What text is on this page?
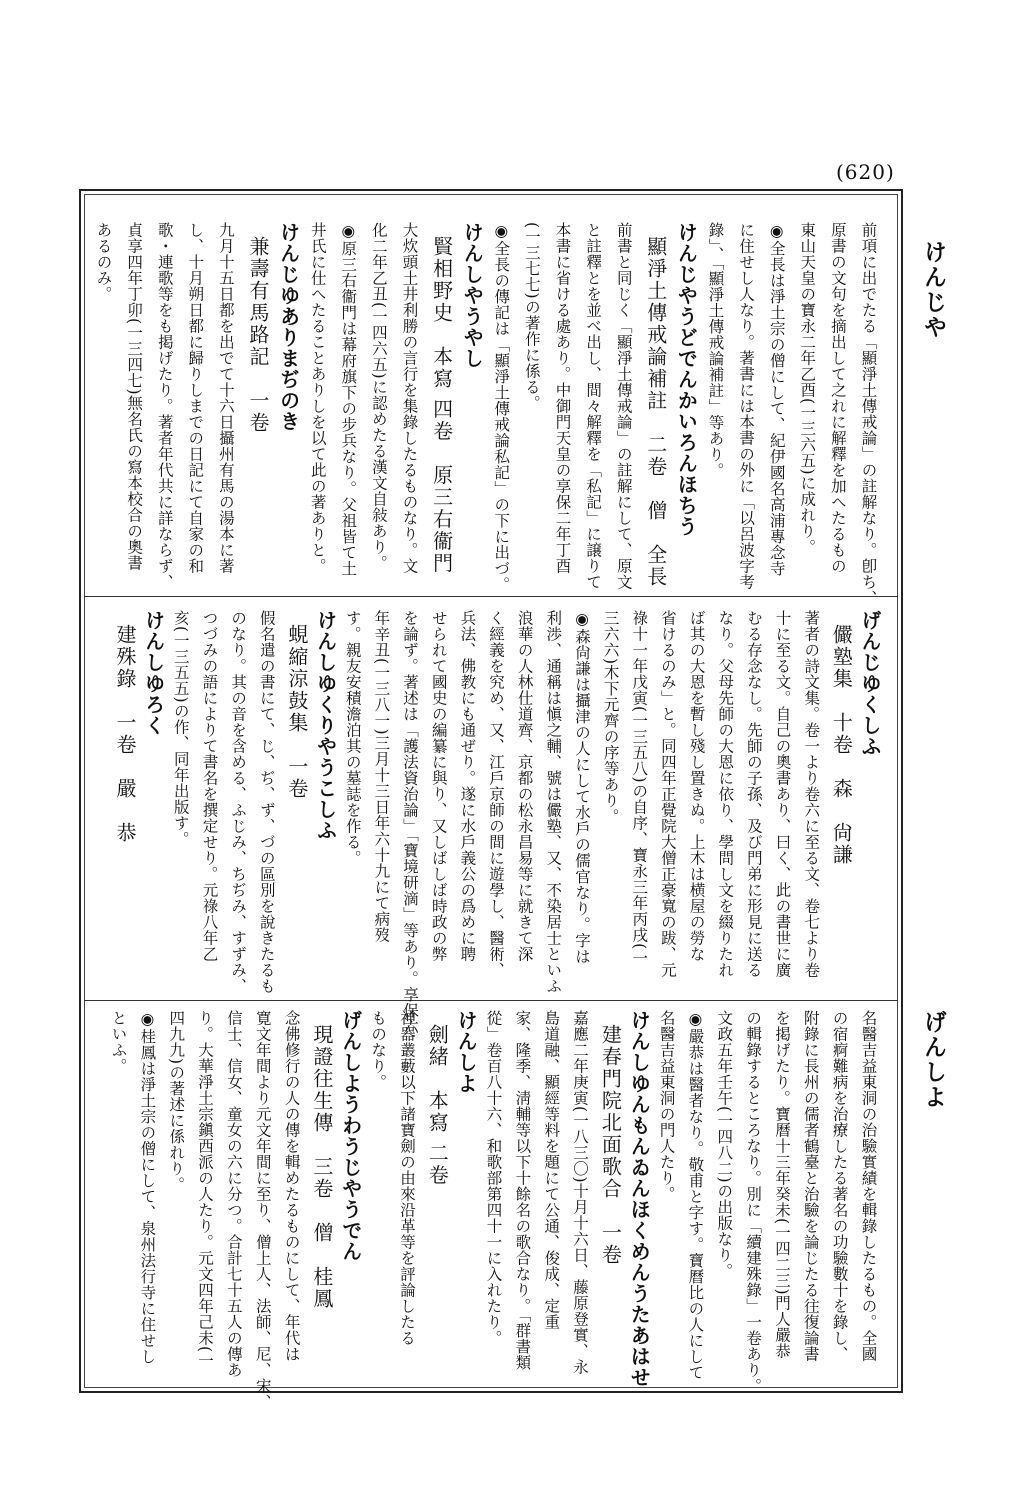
(620)
けんじや
げんしよ
前項に出でたる「顯淨土傳戒論」の註解なり。卽ち、
原書の文句を摘出して之れに解釋を加へたるもの
東山天皇の寶永二年乙酉(一三六五)に成れり。
◉全長は淨土宗の僧にして、紀伊國名高浦專念寺
に住せし人なり。著書には本書の外に「以呂波字考
錄」、「顯淨土傳戒論補註」等あり。
けんじやうどでんかいろんほちう
顯淨土傳戒論補註　二卷　僧　全長
前書と同じく「顯淨土傳戒論」の註解にして、原文
と註釋とを並べ出し、間々解釋を「私記」に譲りて
本書に省ける處あり。中御門天皇の享保二年丁酉
(一三七七)の著作に係る。
◉全長の傳記は「顯淨土傳戒論私記」の下に出づ。
けんしやうやし
賢相野史　本寫 四卷　原三右衞門
大炊頭土井利勝の言行を集錄したるものなり。文
化二年乙丑(一四六五)に認めたる漢文自敍あり。
◉原三右衞門は幕府旗下の步兵なり。父祖皆て土
井氏に仕へたることありしを以て此の著ありと。
けんじゆありまぢのき
兼壽有馬路記　一卷
九月十五日都を出でて十六日攝州有馬の湯本に著
し、十月朔日都に歸りしまでの日記にて自家の和
歌・連歌等をも掲げたり。著者年代共に詳ならず、
貞享四年丁卯(一三四七)無名氏の寫本校合の奧書
あるのみ。
げんじゆくしふ
儼塾集　十卷　森　尙謙
著者の詩文集。卷一より卷六に至る文、卷七より卷
十に至る文。自己の奧書あり、曰く、此の書世に廣
むる存念なし。先師の子孫、及び門弟に形見に送る
なり。父母先師の大恩に依り、學問し文を綴りたれ
ば其の大恩を暫し殘し置きぬ。上木は横屋の勞な
省けるのみ」と。同四年正覺院大僧正豪寬の跋、元
祿十一年戊寅(一三五八)の自序、寶永三年丙戌(一
三六六)木下元齊の序等あり。
◉森尙謙は攝津の人にして水戶の儒官なり。字は
利渉、通稱は愼之輔、號は儼塾、又、不染居士といふ
浪華の人林仕道齊、京都の松永昌易等に就きて深
く經義を究め、又、江戶京師の間に遊學し、醫術、
兵法、佛教にも通ぜり。遂に水戶義公の爲めに聘
せられて國史の編纂に與り、又しばしば時政の弊
を論ず。著述は「護法資治論」「寶境研滴」等あり。享保六
年辛丑(一三八一)三月十三日年六十九にて病歿
す。親友安積澹泊其の墓誌を作る。
けんしゆくりやうこしふ
蜆縮涼鼓集　一卷
假名遣の書にて、じ、ぢ、ず、づの區別を說きたるも
のなり。其の音を含める、ふじみ、ちぢみ、すずみ、
つづみの語によりて書名を撰定せり。元祿八年乙
亥(一三五五)の作、同年出版す。
けんしゆろく
建殊錄　一卷　嚴　恭
名醫吉益東洞の治驗實績を輯錄したるもの。全國
の宿痾難病を治療したる著名の功驗數十を錄し、
附錄に長州の儒者鶴臺と治驗を論じたる往復論書
を掲げたり。寶曆十三年癸未(一四二三)門人嚴恭
の輯錄するところなり。別に「續建殊錄」一卷あり。
文政五年壬午(一四八二)の出版なり。
◉嚴恭は醫者なり。敬甫と字す。寶曆比の人にして
名醫吉益東洞の門人たり。
けんしゆんもんゐんほくめんうたあはせ
建春門院北面歌合　一卷
嘉應二年庚寅(一八三〇)十月十六日、藤原登實、永
島道融、顯經等料を題にて公通、俊成、定重
家、隆季、淸輔等以下十餘名の歌合なり。「群書類
從」卷百八十六、和歌部第四十一に入れたり。
けんしよ
劍緒　本寫 二卷
神器叢藪以下諸寶劍の由來沿革等を評論したる
ものなり。
げんしようわうじやうでん
現證往生傳　三卷　僧　桂鳳
念佛修行の人の傳を輯めたるものにして、年代は
寛文年間より元文年間に至り、僧上人、法師、尼、宋、
信士、信女、童女の六に分つ。合計七十五人の傳あ
り。大華淨土宗鎭西派の人たり。元文四年己未(一
四九九)の著述に係れり。
◉桂鳳は淨土宗の僧にして、泉州法行寺に住せし
といふ。
